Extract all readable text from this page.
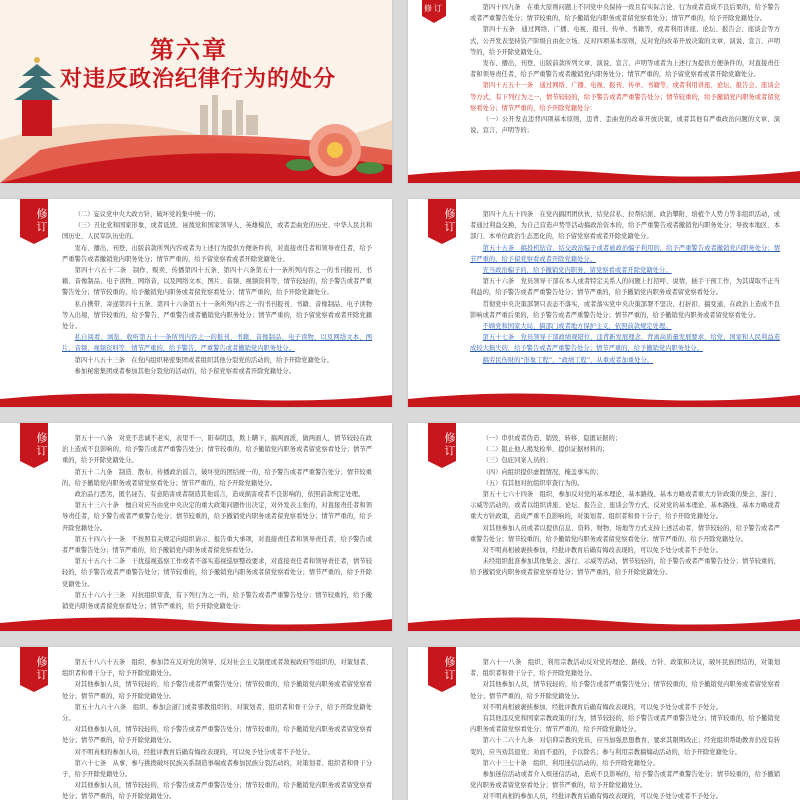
第六章
对违反政治纪律行为的处分
修订	第四十四九条　在重大原则问题上不同党中央保持一致且有实际言论、行为或者造成不良后果的，给予警告或者严重警告处分；情节较重的，给予撤销党内职务或者留党察看处分；情节严重的，给予开除党籍处分。

第四十五条　通过网络、广播、电视、报刊、传单、书籍等，或者利用讲座、论坛、报告会、座谈会等方式，公开发表坚持资产阶级自由化立场、反对四项基本原则，反对党的改革开放决策的文章、演说、宣言、声明等的，给予开除党籍处分。

发布、播出、刊登、出版前款所列文章、演说、宣言、声明等或者为上述行为提供方便条件的，对直接责任者和领导责任者，给予严重警告或者撤销党内职务处分；情节严重的，给予留党察看或者开除党籍处分。

第四十五五十一条　通过网络、广播、电视、报刊、传单、书籍等，或者利用讲座、论坛、报告会、座谈会等方式，有下列行为之一，情节较轻的，给予警告或者严重警告处分；情节较重的，给予撤销党内职务或者留党察看处分；情节严重的，给予开除党籍处分：

（一）公开发表违背四项基本原则，违背、歪曲党的改革开放决策，或者其他有严重政治问题的文章、演说、宣言、声明等的；

修订	（二）妄议党中央大政方针，破坏党的集中统一的；

（三）丑化党和国家形象，或者诋毁、诬蔑党和国家领导人、英雄模范，或者歪曲党的历史、中华人民共和国历史、人民军队历史的。

发布、播出、刊登、出版前款所列内容或者为上述行为提供方便条件的，对直接责任者和领导责任者，给予严重警告或者撤销党内职务处分；情节严重的，给予留党察看或者开除党籍处分。

第四十六五十二条　制作、贩卖、传播第四十五条、第四十六条第五十一条所列内容之一的书刊报刊、书籍、音像制品、电子读物、网络音，以及网络文本、图片、音频、视频资料等，情节较轻的，给予警告或者严重警告处分；情节较重的，给予撤销党内职务或者留党察看处分；情节严重的，给予开除党籍处分。

私自携带、寄递第四十五条、第四十六条第五十一条所列内容之一的书刊报刊、书籍、音像制品、电子读物等入出境，情节较重的，给予警告、严重警告或者撤销党内职务处分；情节严重的，给予留党察看或者开除党籍处分。

私自阅看、浏览、收听第五十一条所列内容之一的报刊、书籍、音像制品、电子读物，以及网络文本、图片、音频、视频资料等，情节严重的，给予警告、严重警告或者撤销党内职务处分。

第四十八五十三条　在党内组织秘密集团或者组织其他分裂党的活动的，给予开除党籍处分。

参加秘密集团或者参加其他分裂党的活动的，给予留党察看或者开除党籍处分。

修订	第四十九五十四条　在党内搞团团伙伙、结党营私、拉帮结派、政治攀附，培植个人势力等非组织活动，或者通过利益交换，为自己营造声势等活动搞政治资本的，给予严重警告或者撤销党内职务处分；导致本地区、本部门、本单位政治生态恶化的，给予留党察看或者开除党籍处分。

第五十五条　搞投机钻营、结交政治骗子或者被政治骗子利用的，给予严重警告或者撤销党内职务处分；情节严重的，给予留党察看或者开除党籍处分。

充当政治骗子的，给予撤销党内职务、留党察看或者开除党籍处分。

第五十六条　党员领导干部在本人或者特定关系人的问题上打招呼、说情，插手干预工作，为其谋取不正当利益的，给予警告或者严重警告处分；情节严重的，给予撤销党内职务或者留党察看处分。

贯彻党中央决策部署只表态不落实，或者落实党中央决策部署不坚决，打折扣、搞变通，在政治上造成不良影响或者严重后果的，给予警告或者严重警告处分；情节严重的，给予撤销党内职务或者留党察看处分。

不顾党和国家大局，搞部门或者地方保护主义，依照前款规定处理。

第五十七条　党员领导干部政绩观错位，违背新发展理念、背离高质量发展要求，给党、国家和人民利益造成较大损失的，给予警告或者严重警告处分；情节严重的，给予撤销党内职务处分。

搞劳民伤财的“形象工程”、“政绩工程”，从重或者加重处分。

修订	第五十一八条　对党不忠诚不老实，表里不一，阳奉阴违，欺上瞒下，搞两面派，做两面人，情节较轻在政治上造成不良影响的，给予警告或者严重警告处分；情节较重的，给予撤销党内职务或者留党察看处分；情节严重的，给予开除党籍处分。

第五十二九条　制造、散布、传播政治谣言，破坏党的团结统一的，给予警告或者严重警告处分；情节较重的，给予撤销党内职务或者留党察看处分；情节严重的，给予开除党籍处分。

政治品行恶劣，匿名诬告，有意陷害或者制造其他谣言，造成损害或者不良影响的，依照前款规定处理。

第五十三六十条　擅自对应当由党中央决定的重大政策问题作出决定，对外发表主张的，对直接责任者和领导责任者，给予警告或者严重警告处分；情节较重的，给予撤销党内职务或者留党察看处分；情节严重的，给予开除党籍处分。

第五十四六十一条　不按照有关规定向组织请示、报告重大事项，对直接责任者和领导责任者，给予警告或者严重警告处分；情节严重的，给予撤销党内职务或者留党察看处分。

第五十五六十二条　干扰巡视巡察工作或者不落实巡视巡察整改要求，对直接责任者和领导责任者，情节较轻的，给予警告或者严重警告处分；情节较重的，给予撤销党内职务或者留党察看处分；情节严重的，给予开除党籍处分。

第五十六六十三条　对抗组织审查，有下列行为之一的，给予警告或者严重警告处分；情节较重的，给予撤销党内职务或者留党察看处分；情节严重的，给予开除党籍处分：

修订	（一）串供或者伪造、销毁、转移、隐匿证据的；

（二）阻止他人揭发检举、提供证据材料的；

（三）包庇同案人员的；

（四）向组织提供虚假情况，掩盖事实的；

（五）有其他对抗组织审查行为的。

第五十七六十四条　组织、参加反对党的基本理论、基本路线、基本方略或者重大方针政策的集会、游行、示威等活动的，或者以组织讲座、论坛、报告会、座谈会等方式，反对党的基本理论、基本路线、基本方略或者重大方针政策，造成严重不良影响的，对策划者、组织者和骨干分子，给予开除党籍处分。

对其他参加人员或者以提供信息、资料、财物、场地等方式支持上述活动者，情节较轻的，给予警告或者严重警告处分；情节较重的，给予撤销党内职务或者留党察看处分；情节严重的，给予开除党籍处分。

对不明真相被裹挟参加，经批评教育后确有悔改表现的，可以免予处分或者不予处分。

未经组织批准参加其他集会、游行、示威等活动，情节较轻的，给予警告或者严重警告处分；情节较重的，给予撤销党内职务或者留党察看处分；情节严重的，给予开除党籍处分。

修订	第五十八六十五条　组织、参加旨在反对党的领导、反对社会主义制度或者敌视政府等组织的，对策划者、组织者和骨干分子，给予开除党籍处分。

对其他参加人员，情节较轻的，给予警告或者严重警告处分；情节较重的，给予撤销党内职务或者留党察看处分；情节严重的，给予开除党籍处分。

第五十九六十六条　组织、参加会道门或者邪教组织的，对策划者、组织者和骨干分子，给予开除党籍处分。

对其他参加人员，情节较轻的，给予警告或者严重警告处分；情节较重的，给予撤销党内职务或者留党察看处分；情节严重的，给予开除党籍处分。

对不明真相的参加人员，经批评教育后确有悔改表现的，可以免予处分或者不予处分。

第六十七条　从事、参与挑拨破坏民族关系制造事端或者参加民族分裂活动的，对策划者、组织者和骨干分子，给予开除党籍处分。

对其他参加人员，情节较轻的，给予警告或者严重警告处分；情节较重的，给予撤销党内职务或者留党察看处分；情节严重的，给予开除党籍处分。

修订	第六十一八条　组织、利用宗教活动反对党的理论、路线、方针、政策和决议，破坏民族团结的，对策划者、组织者和骨干分子，给予开除党籍处分。

对其他参加人员，情节较轻的，给予警告或者严重警告处分；情节较重的，给予撤销党内职务或者留党察看处分；情节严重的，给予开除党籍处分。

对不明真相被裹挟参加，经批评教育后确有悔改表现的，可以免予处分或者不予处分。

有其他违反党和国家宗教政策的行为，情节较轻的，给予警告或者严重警告处分；情节较重的，给予撤销党内职务或者留党察看处分；情节严重的，给予开除党籍处分。

第六十二六十九条　对信仰宗教的党员，应当加强思想教育，要求其限期改正；经党组织帮助教育仍没有转变的，应当劝其退党；劝而不退的，予以除名；参与利用宗教搞煽动活动的，给予开除党籍处分。

第六十三七十条　组织、利用迷信活动的，给予开除党籍处分。

参加迷信活动或者介入殡迷信活动，造成不良影响的，给予警告或者严重警告处分；情节较重的，给予撤销党内职务或者留党察看处分；情节严重的，给予开除党籍处分。

对不明真相的参加人员，经批评教育后确有悔改表现的，可以免予处分或者不予处分。
